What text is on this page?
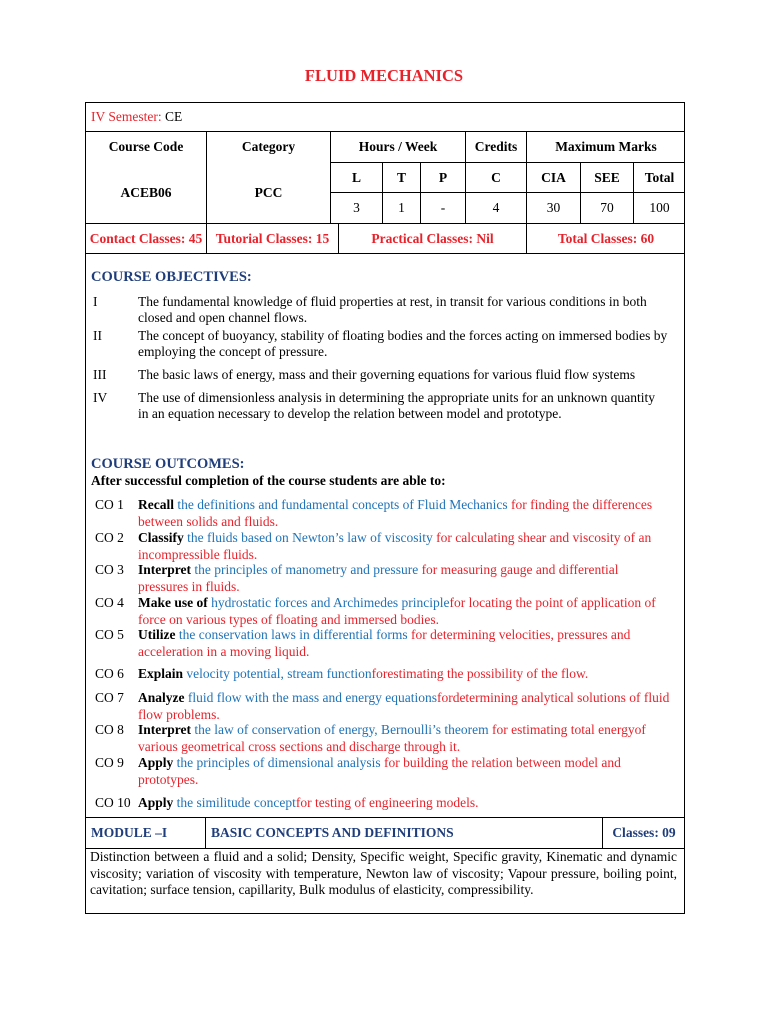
FLUID MECHANICS
IV Semester:
CE
Course Code	Category	Hours / Week	Credits	Maximum Marks
ACEB06	PCC
L	T	P	C	CIA	SEE	Total
3	1	-	4	30	70	100
Contact Classes: 45 Tutorial Classes: 15	Practical Classes: Nil	Total Classes: 60
COURSE OBJECTIVES:
I	The fundamental knowledge of fluid properties at rest, in transit for various conditions in both closed and open channel flows.
II	The concept of buoyancy, stability of floating bodies and the forces acting on immersed bodies by employing the concept of pressure.
III The basic laws of energy, mass and their governing equations for various fluid flow systems
IV The use of dimensionless analysis in determining the appropriate units for an unknown quantity in an equation necessary to develop the relation between model and prototype.
COURSE OUTCOMES:
After successful completion of the course students are able to:
CO 1 Recall the definitions and fundamental concepts of Fluid Mechanics for finding the differences between solids and fluids.
CO 2 Classify the fluids based on Newton’s law of viscosity for calculating shear and viscosity of an incompressible fluids.
CO 3 Interpret the principles of manometry and pressure for measuring gauge and differential pressures in fluids.
CO 4 Make use of hydrostatic forces and Archimedes principlefor locating the point of application of force on various types of floating and immersed bodies.
CO 5 Utilize the conservation laws in differential forms for determining velocities, pressures and acceleration in a moving liquid.
CO 6 Explain velocity potential, stream functionforestimating the possibility of the flow.
CO 7 Analyze fluid flow with the mass and energy equationsfordetermining analytical solutions of fluid flow problems.
CO 8 Interpret the law of conservation of energy, Bernoulli’s theorem for estimating total energyof various geometrical cross sections and discharge through it.
CO 9 Apply the principles of dimensional analysis for building the relation between model and prototypes.
CO 10 Apply the similitude conceptfor testing of engineering models.
MODULE –I	BASIC CONCEPTS AND DEFINITIONS	Classes: 09
Distinction between a fluid and a solid; Density, Specific weight, Specific gravity, Kinematic and dynamic viscosity; variation of viscosity with temperature, Newton law of viscosity; Vapour pressure, boiling point, cavitation; surface tension, capillarity, Bulk modulus of elasticity, compressibility.
